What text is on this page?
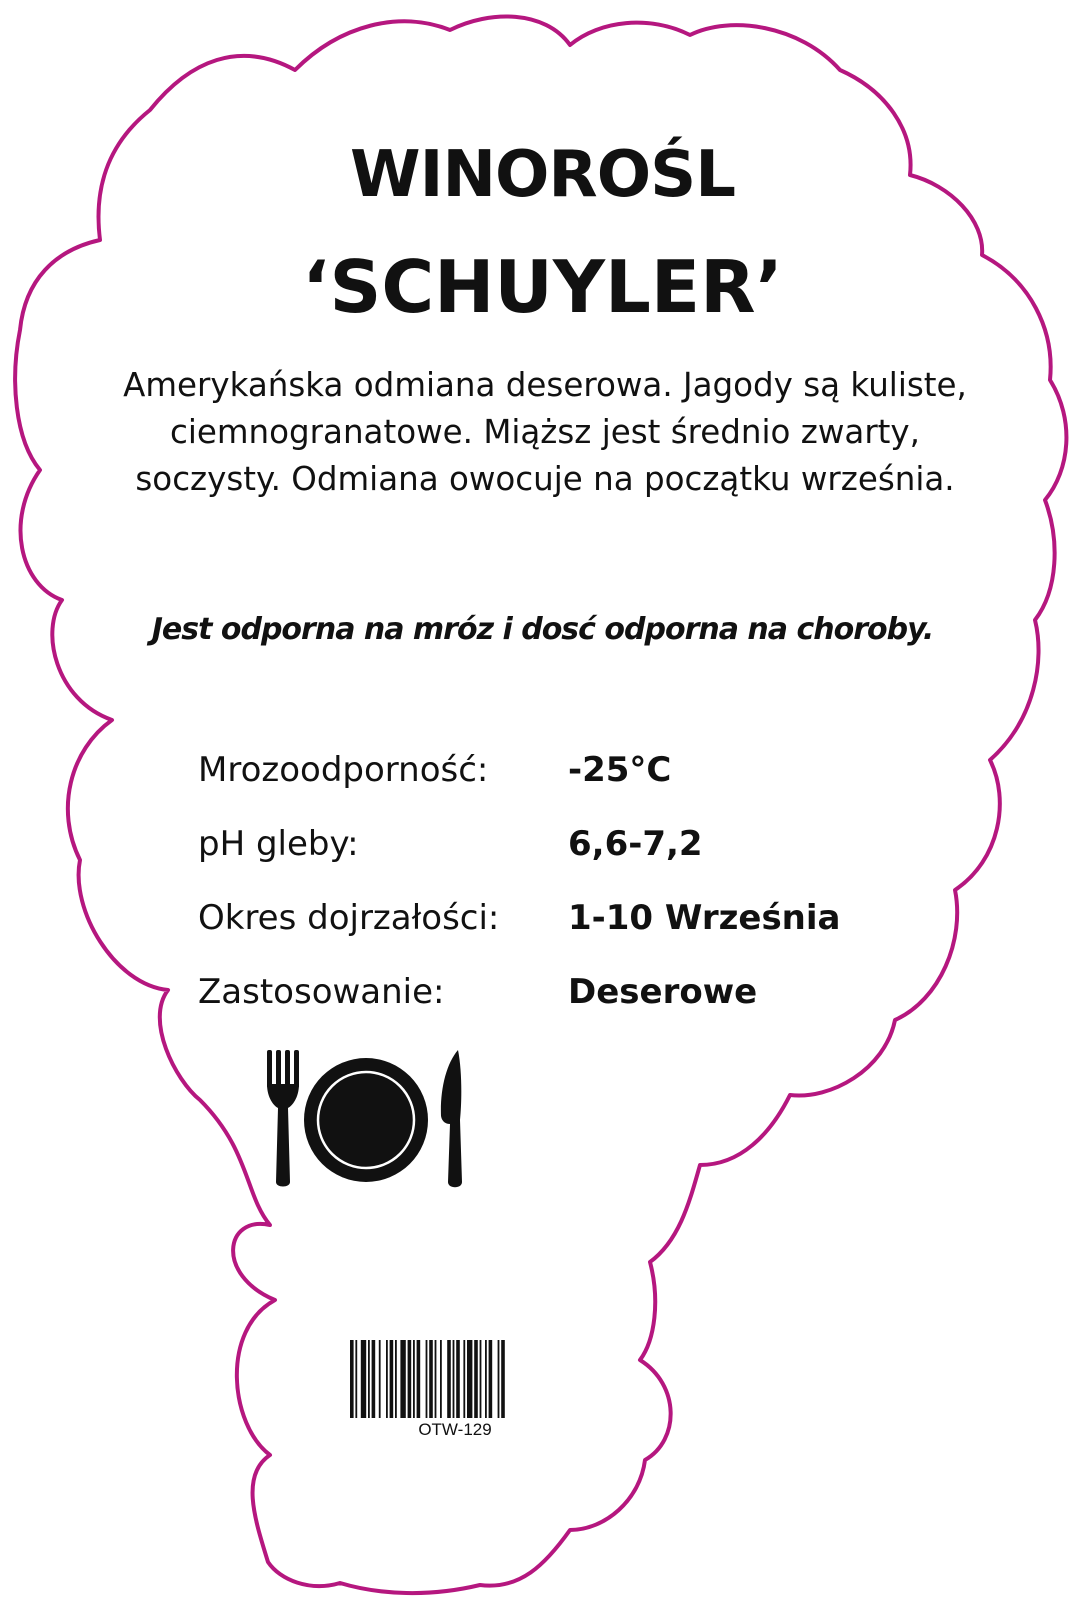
WINOROŚL
‘SCHUYLER’
Amerykańska odmiana deserowa. Jagody są kuliste,
ciemnogranatowe. Miąższ jest średnio zwarty,
soczysty. Odmiana owocuje na początku września.
Jest odporna na mróz i dosć odporna na choroby.
Mrozoodporność: -25°C
pH gleby:	6,6-7,2
Okres dojrzałości: 1-10 Września
Zastosowanie:	Deserowe
OTW-129
